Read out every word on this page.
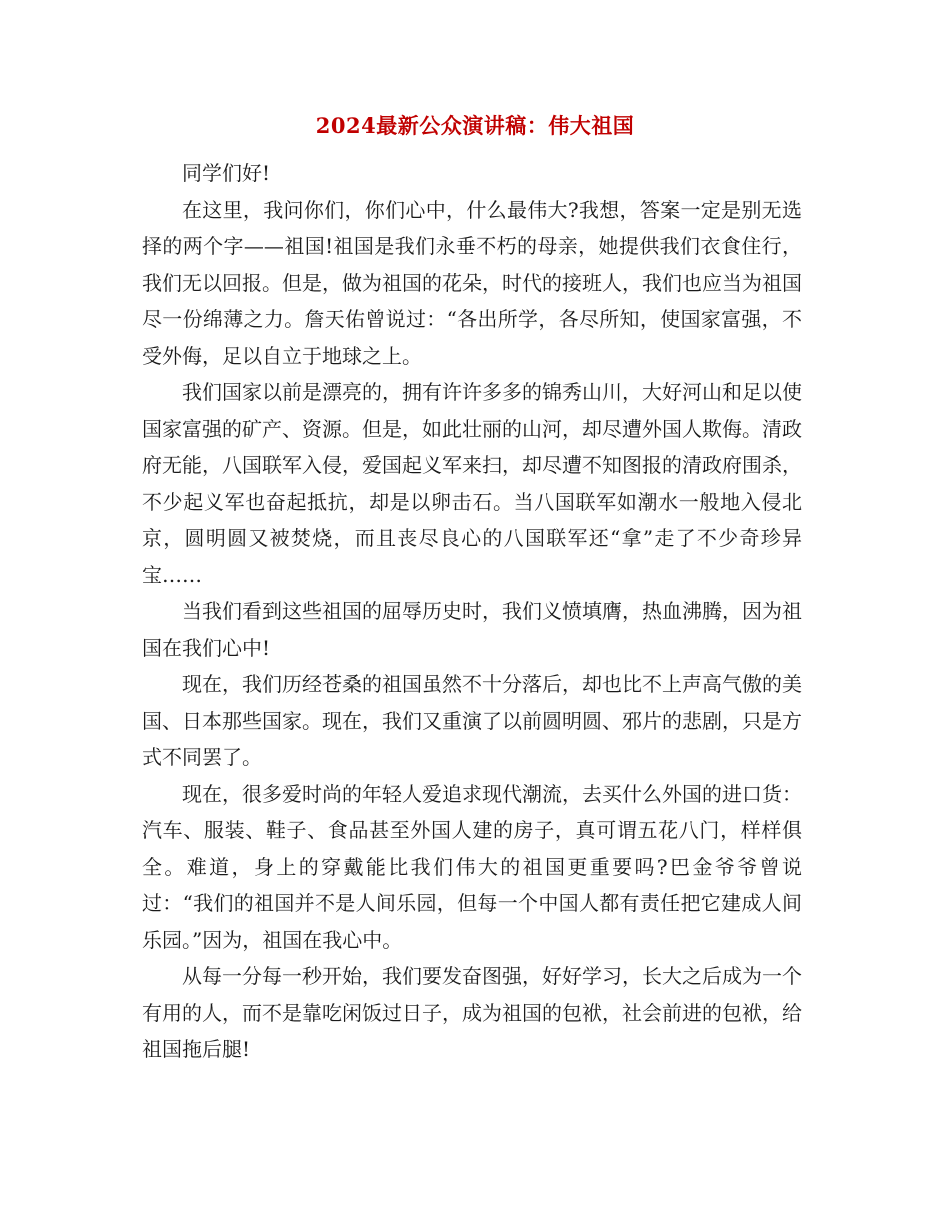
2024最新公众演讲稿：伟大祖国

同学们好!

在这里，我问你们，你们心中，什么最伟大?我想，答案一定是别无选择的两个字——祖国!祖国是我们永垂不朽的母亲，她提供我们衣食住行，我们无以回报。但是，做为祖国的花朵，时代的接班人，我们也应当为祖国尽一份绵薄之力。詹天佑曾说过：“各出所学，各尽所知，使国家富强，不受外侮，足以自立于地球之上。

我们国家以前是漂亮的，拥有许许多多的锦秀山川，大好河山和足以使国家富强的矿产、资源。但是，如此壮丽的山河，却尽遭外国人欺侮。清政府无能，八国联军入侵，爱国起义军来扫，却尽遭不知图报的清政府围杀，不少起义军也奋起抵抗，却是以卵击石。当八国联军如潮水一般地入侵北京，圆明圆又被焚烧，而且丧尽良心的八国联军还“拿”走了不少奇珍异宝……

当我们看到这些祖国的屈辱历史时，我们义愤填膺，热血沸腾，因为祖国在我们心中!

现在，我们历经苍桑的祖国虽然不十分落后，却也比不上声高气傲的美国、日本那些国家。现在，我们又重演了以前圆明圆、邪片的悲剧，只是方式不同罢了。

现在，很多爱时尚的年轻人爱追求现代潮流，去买什么外国的进口货：汽车、服装、鞋子、食品甚至外国人建的房子，真可谓五花八门，样样俱全。难道，身上的穿戴能比我们伟大的祖国更重要吗?巴金爷爷曾说过：“我们的祖国并不是人间乐园，但每一个中国人都有责任把它建成人间乐园。”因为，祖国在我心中。

从每一分每一秒开始，我们要发奋图强，好好学习，长大之后成为一个有用的人，而不是靠吃闲饭过日子，成为祖国的包袱，社会前进的包袱，给祖国拖后腿!
